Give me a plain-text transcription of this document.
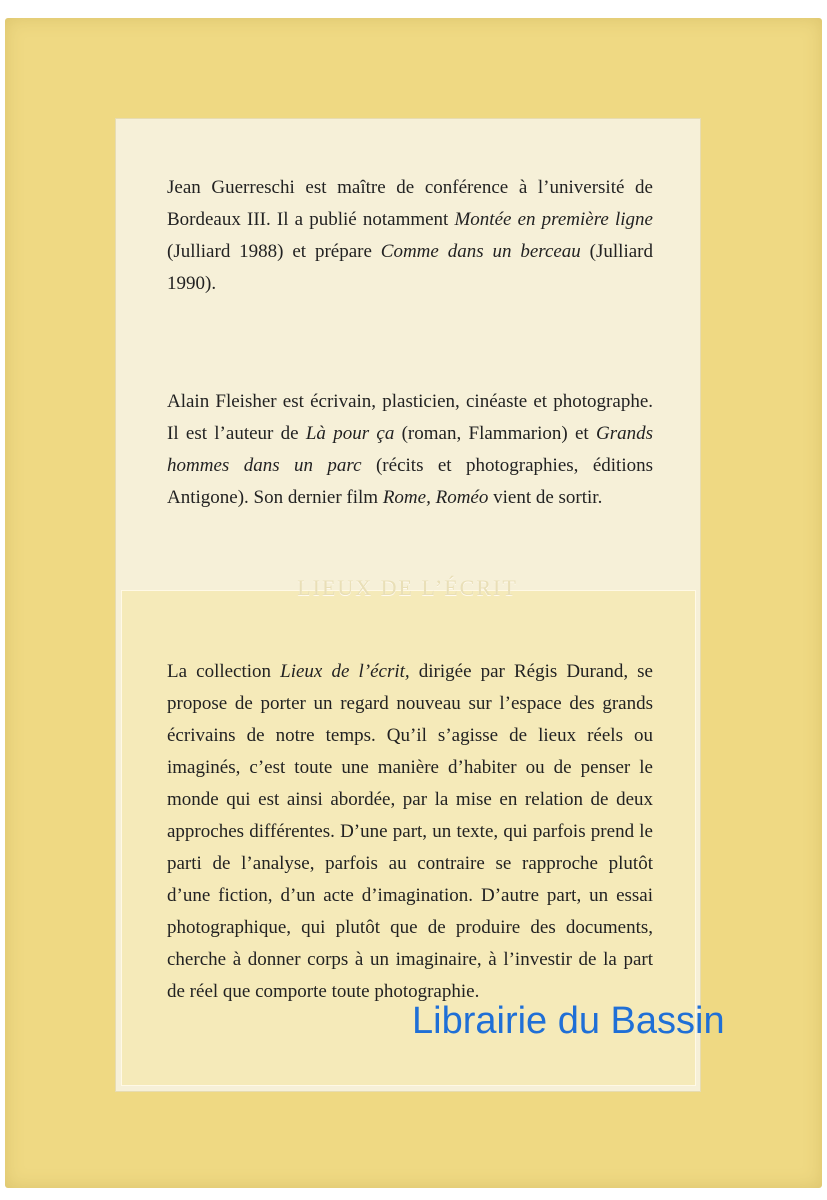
Jean Guerreschi est maître de conférence à l’université de Bordeaux III. Il a publié notamment Montée en première ligne (Julliard 1988) et prépare Comme dans un berceau (Julliard 1990).

Alain Fleisher est écrivain, plasticien, cinéaste et photographe. Il est l’auteur de Là pour ça (roman, Flammarion) et Grands hommes dans un parc (récits et photographies, éditions Antigone). Son dernier film Rome, Roméo vient de sortir.

LIEUX DE L’ÉCRIT

La collection Lieux de l’écrit, dirigée par Régis Durand, se propose de porter un regard nouveau sur l’espace des grands écrivains de notre temps. Qu’il s’agisse de lieux réels ou imaginés, c’est toute une manière d’habiter ou de penser le monde qui est ainsi abordée, par la mise en relation de deux approches différentes. D’une part, un texte, qui parfois prend le parti de l’analyse, parfois au contraire se rapproche plutôt d’une fiction, d’un acte d’imagination. D’autre part, un essai photographique, qui plutôt que de produire des documents, cherche à donner corps à un imaginaire, à l’investir de la part de réel que comporte toute photographie.

Librairie du Bassin
